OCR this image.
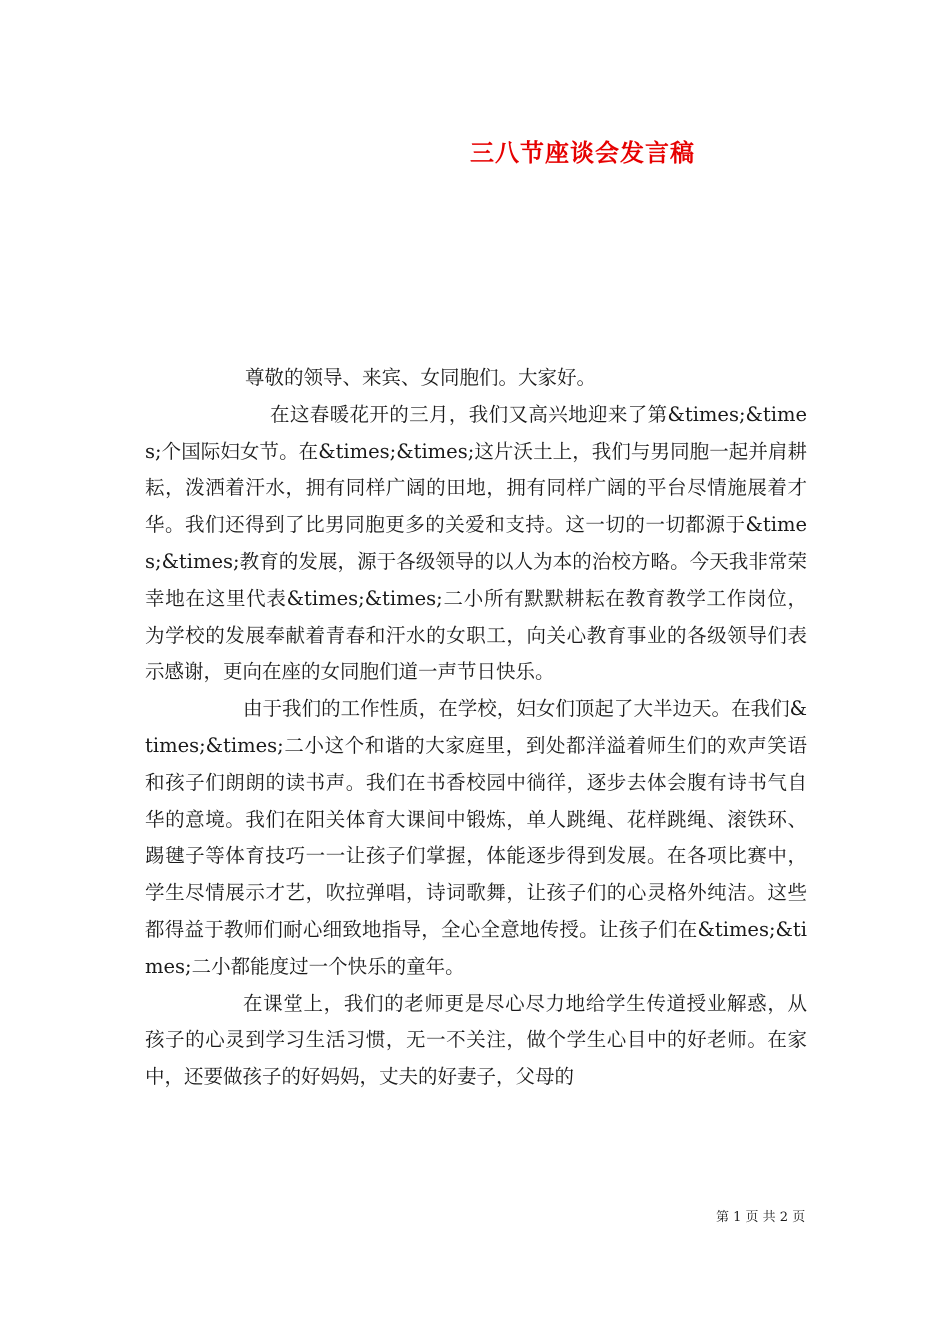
三八节座谈会发言稿

尊敬的领导、来宾、女同胞们。大家好。

在这春暖花开的三月，我们又高兴地迎来了第&times;&times;个国际妇女节。在&times;&times;这片沃土上，我们与男同胞一起并肩耕耘，泼洒着汗水，拥有同样广阔的田地，拥有同样广阔的平台尽情施展着才华。我们还得到了比男同胞更多的关爱和支持。这一切的一切都源于&times;&times;教育的发展，源于各级领导的以人为本的治校方略。今天我非常荣幸地在这里代表&times;&times;二小所有默默耕耘在教育教学工作岗位，为学校的发展奉献着青春和汗水的女职工，向关心教育事业的各级领导们表示感谢，更向在座的女同胞们道一声节日快乐。

由于我们的工作性质，在学校，妇女们顶起了大半边天。在我们&times;&times;二小这个和谐的大家庭里，到处都洋溢着师生们的欢声笑语和孩子们朗朗的读书声。我们在书香校园中徜徉，逐步去体会腹有诗书气自华的意境。我们在阳关体育大课间中锻炼，单人跳绳、花样跳绳、滚铁环、踢毽子等体育技巧一一让孩子们掌握，体能逐步得到发展。在各项比赛中，学生尽情展示才艺，吹拉弹唱，诗词歌舞，让孩子们的心灵格外纯洁。这些都得益于教师们耐心细致地指导，全心全意地传授。让孩子们在&times;&times;二小都能度过一个快乐的童年。

在课堂上，我们的老师更是尽心尽力地给学生传道授业解惑，从孩子的心灵到学习生活习惯，无一不关注，做个学生心目中的好老师。在家中，还要做孩子的好妈妈，丈夫的好妻子，父母的

第 1 页 共 2 页
